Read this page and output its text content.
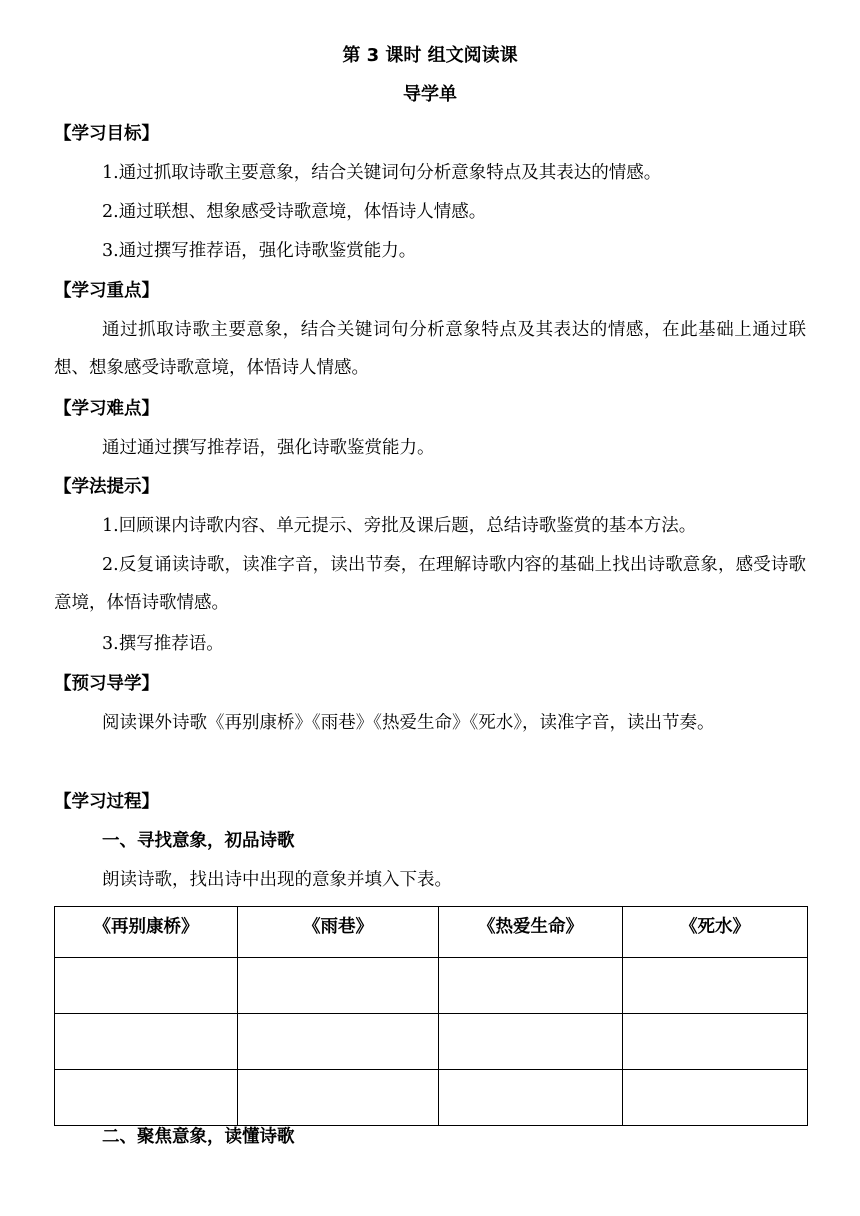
第 3 课时 组文阅读课
导学单
【学习目标】
1.通过抓取诗歌主要意象，结合关键词句分析意象特点及其表达的情感。
2.通过联想、想象感受诗歌意境，体悟诗人情感。
3.通过撰写推荐语，强化诗歌鉴赏能力。
【学习重点】
通过抓取诗歌主要意象，结合关键词句分析意象特点及其表达的情感，在此基础上通过联想、想象感受诗歌意境，体悟诗人情感。
【学习难点】
通过通过撰写推荐语，强化诗歌鉴赏能力。
【学法提示】
1.回顾课内诗歌内容、单元提示、旁批及课后题，总结诗歌鉴赏的基本方法。
2.反复诵读诗歌，读准字音，读出节奏，在理解诗歌内容的基础上找出诗歌意象，感受诗歌意境，体悟诗歌情感。
3.撰写推荐语。
【预习导学】
阅读课外诗歌《再别康桥》《雨巷》《热爱生命》《死水》，读准字音，读出节奏。
【学习过程】
一、寻找意象，初品诗歌
朗读诗歌，找出诗中出现的意象并填入下表。
《再别康桥》	《雨巷》	《热爱生命》	《死水》

二、聚焦意象，读懂诗歌
